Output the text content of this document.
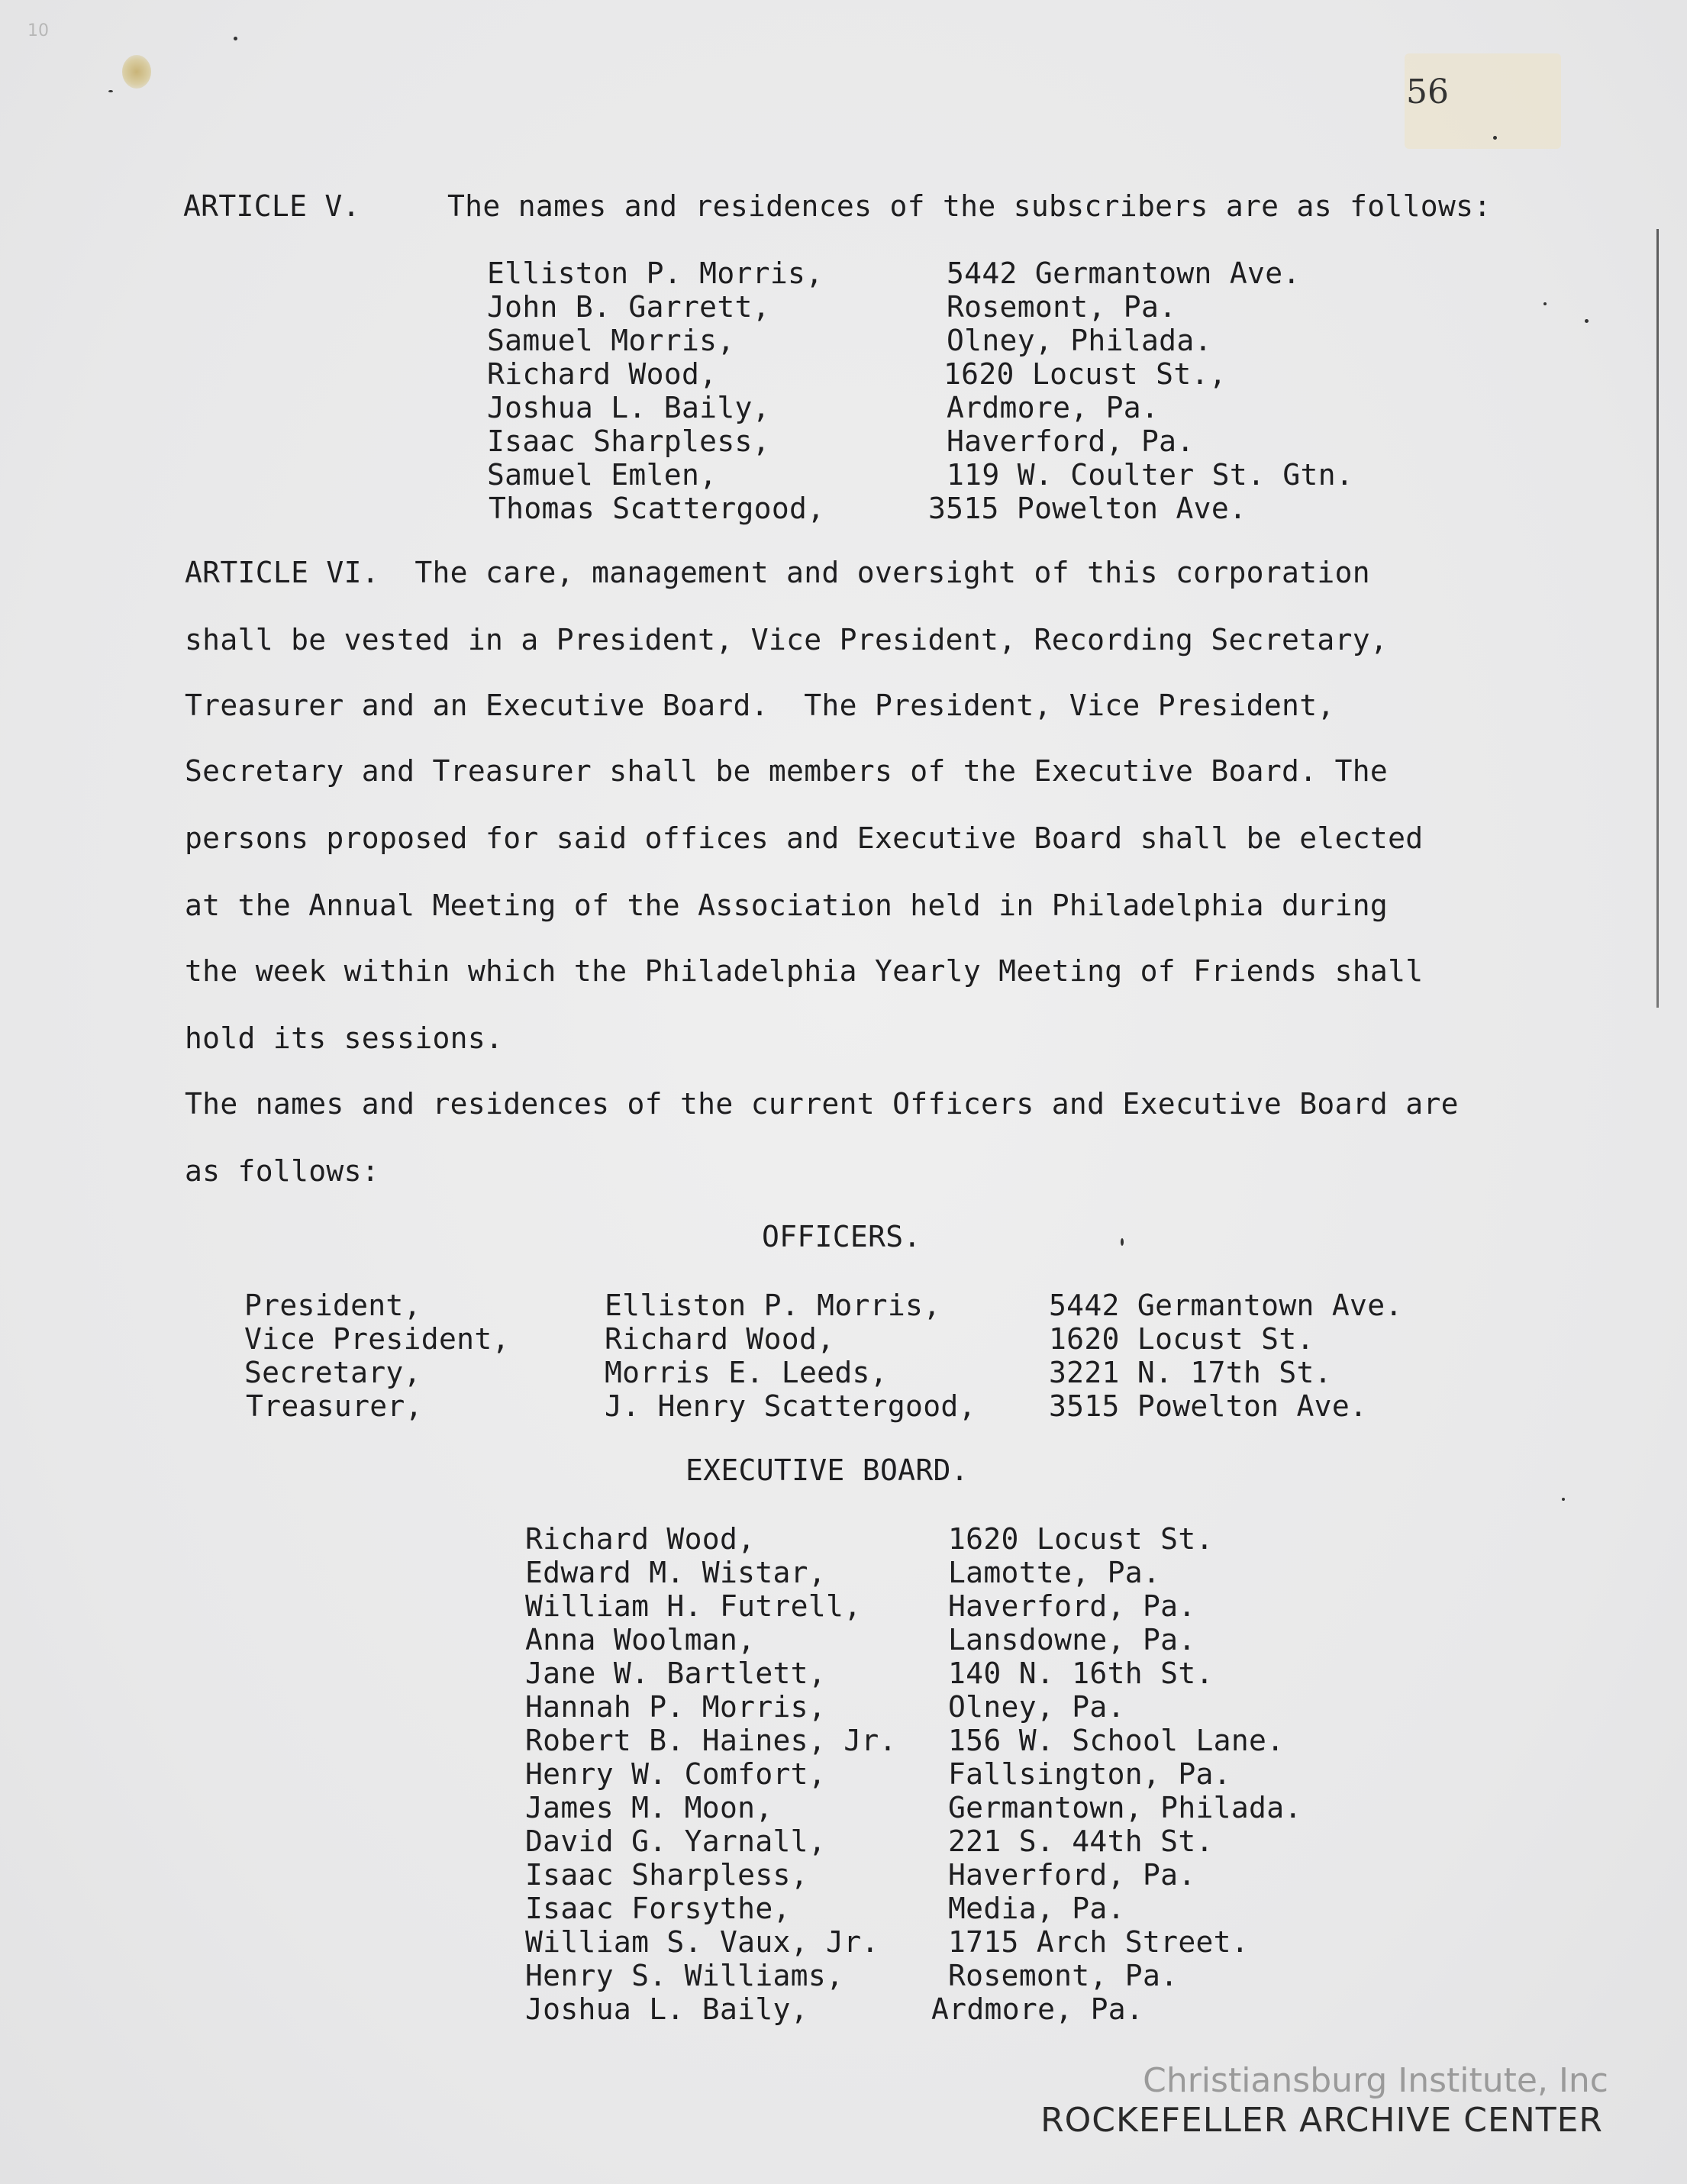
10
56
ARTICLE V.	The names and residences of the subscribers are as follows:
Elliston P. Morris,	5442 Germantown Ave.
John B. Garrett,	Rosemont, Pa.
Samuel Morris,	Olney, Philada.
Richard Wood,	1620 Locust St.,
Joshua L. Baily,	Ardmore, Pa.
Isaac Sharpless,	Haverford, Pa.
Samuel Emlen,	119 W. Coulter St. Gtn.
Thomas Scattergood,	3515 Powelton Ave.
ARTICLE VI.  The care, management and oversight of this corporation
shall be vested in a President, Vice President, Recording Secretary,
Treasurer and an Executive Board.  The President, Vice President,
Secretary and Treasurer shall be members of the Executive Board. The
persons proposed for said offices and Executive Board shall be elected
at the Annual Meeting of the Association held in Philadelphia during
the week within which the Philadelphia Yearly Meeting of Friends shall
hold its sessions.
The names and residences of the current Officers and Executive Board are
as follows:
OFFICERS.
President,	Elliston P. Morris,	5442 Germantown Ave.
Vice President,	Richard Wood,	1620 Locust St.
Secretary,	Morris E. Leeds,	3221 N. 17th St.
Treasurer,	J. Henry Scattergood,	3515 Powelton Ave.
EXECUTIVE BOARD.
Richard Wood,	1620 Locust St.
Edward M. Wistar,	Lamotte, Pa.
William H. Futrell,	Haverford, Pa.
Anna Woolman,	Lansdowne, Pa.
Jane W. Bartlett,	140 N. 16th St.
Hannah P. Morris,	Olney, Pa.
Robert B. Haines, Jr. 156 W. School Lane.
Henry W. Comfort,	Fallsington, Pa.
James M. Moon,	Germantown, Philada.
David G. Yarnall,	221 S. 44th St.
Isaac Sharpless,	Haverford, Pa.
Isaac Forsythe,	Media, Pa.
William S. Vaux, Jr. 1715 Arch Street.
Henry S. Williams,	Rosemont, Pa.
Joshua L. Baily,	Ardmore, Pa.
Christiansburg Institute, Inc
ROCKEFELLER ARCHIVE CENTER
